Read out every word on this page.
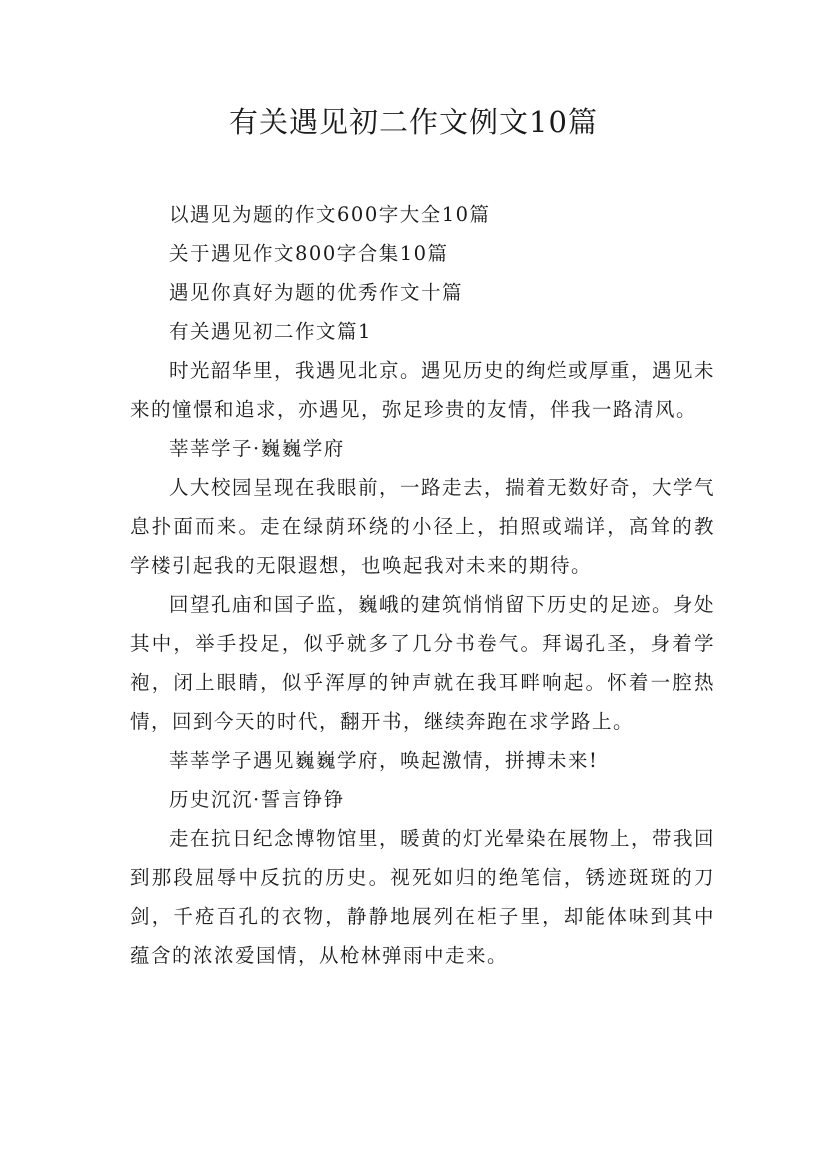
有关遇见初二作文例文10篇

以遇见为题的作文600字大全10篇

关于遇见作文800字合集10篇

遇见你真好为题的优秀作文十篇

有关遇见初二作文篇1

时光韶华里，我遇见北京。遇见历史的绚烂或厚重，遇见未来的憧憬和追求，亦遇见，弥足珍贵的友情，伴我一路清风。

莘莘学子·巍巍学府

人大校园呈现在我眼前，一路走去，揣着无数好奇，大学气息扑面而来。走在绿荫环绕的小径上，拍照或端详，高耸的教学楼引起我的无限遐想，也唤起我对未来的期待。

回望孔庙和国子监，巍峨的建筑悄悄留下历史的足迹。身处其中，举手投足，似乎就多了几分书卷气。拜谒孔圣，身着学袍，闭上眼睛，似乎浑厚的钟声就在我耳畔响起。怀着一腔热情，回到今天的时代，翻开书，继续奔跑在求学路上。

莘莘学子遇见巍巍学府，唤起激情，拼搏未来!

历史沉沉·誓言铮铮

走在抗日纪念博物馆里，暖黄的灯光晕染在展物上，带我回到那段屈辱中反抗的历史。视死如归的绝笔信，锈迹斑斑的刀剑，千疮百孔的衣物，静静地展列在柜子里，却能体味到其中蕴含的浓浓爱国情，从枪林弹雨中走来。
